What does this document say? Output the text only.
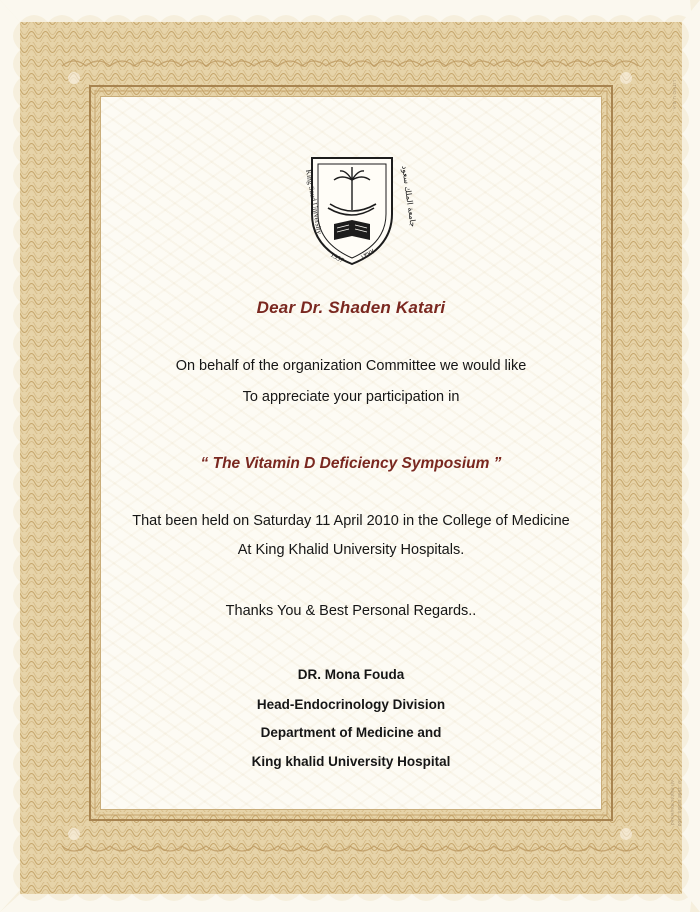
King Saud University
1957 ١٣٧٧
جامعة الملك سعود
Dear Dr. Shaden Katari
On behalf of the organization Committee we would like
To appreciate your participation in
“ The Vitamin D Deficiency Symposium ”
That been held on Saturday 11 April 2010 in the College of Medicine
At King Khalid University Hospitals.
Thanks You & Best Personal Regards..
DR. Mona Fouda
Head-Endocrinology Division
Department of Medicine and
King khalid University Hospital
LITHO U.S.A.
© 1998 GOES 2403
All Rights Reserved
